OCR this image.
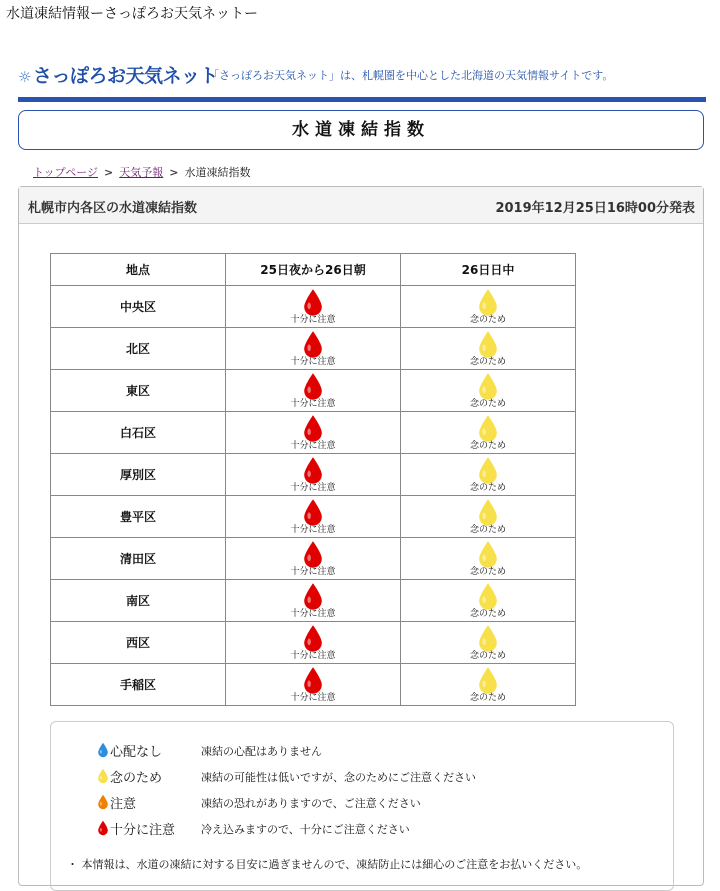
水道凍結情報ーさっぽろお天気ネットー
☼ さっぽろお天気ネット
「さっぽろお天気ネット」は、札幌圏を中心とした北海道の天気情報サイトです。
水道凍結指数
トップページ > 天気予報 > 水道凍結指数
札幌市内各区の水道凍結指数	2019年12月25日16時00分発表
地点	25日夜から26日朝	26日日中
中央区	十分に注意	念のため

北区	十分に注意	念のため

東区	十分に注意	念のため

白石区	十分に注意	念のため

厚別区	十分に注意	念のため

豊平区	十分に注意	念のため

清田区	十分に注意	念のため

南区	十分に注意	念のため

西区	十分に注意	念のため

手稲区	十分に注意	念のため
心配なし	凍結の心配はありません
念のため	凍結の可能性は低いですが、念のためにご注意ください
注意	凍結の恐れがありますので、ご注意ください
十分に注意 冷え込みますので、十分にご注意ください
・ 本情報は、水道の凍結に対する目安に過ぎませんので、凍結防止には細心のご注意をお払いください。
